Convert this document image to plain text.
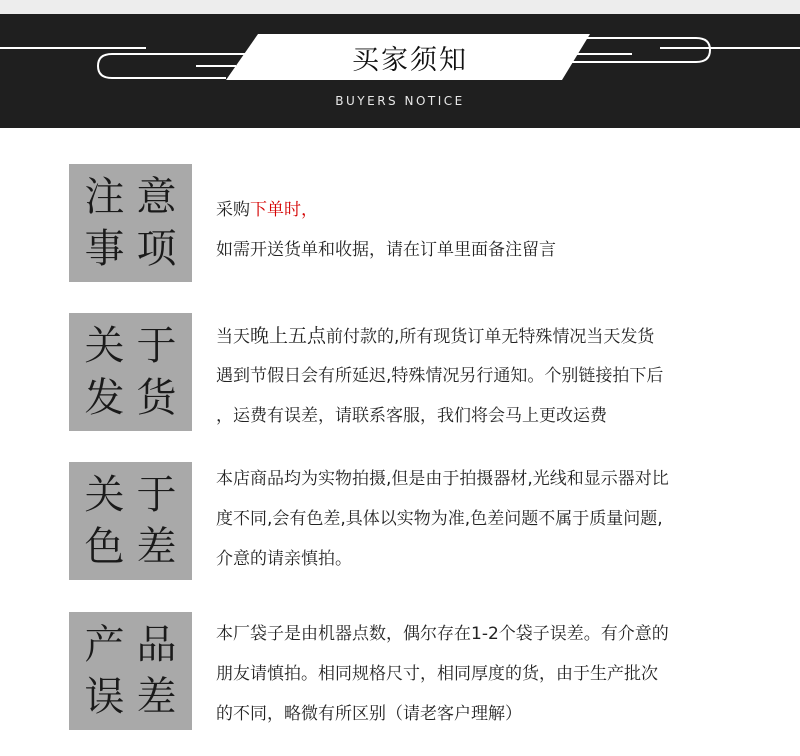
买家须知
BUYERS NOTICE
注意
事项
采购下单时，
如需开送货单和收据，请在订单里面备注留言
关于
发货
当天晚上五点前付款的,所有现货订单无特殊情况当天发货
遇到节假日会有所延迟,特殊情况另行通知。个别链接拍下后
，运费有误差，请联系客服，我们将会马上更改运费
关于
色差
本店商品均为实物拍摄,但是由于拍摄器材,光线和显示器对比
度不同,会有色差,具体以实物为准,色差问题不属于质量问题,
介意的请亲慎拍。
产品
误差
本厂袋子是由机器点数，偶尔存在1-2个袋子误差。有介意的
朋友请慎拍。相同规格尺寸，相同厚度的货，由于生产批次
的不同，略微有所区别（请老客户理解）
